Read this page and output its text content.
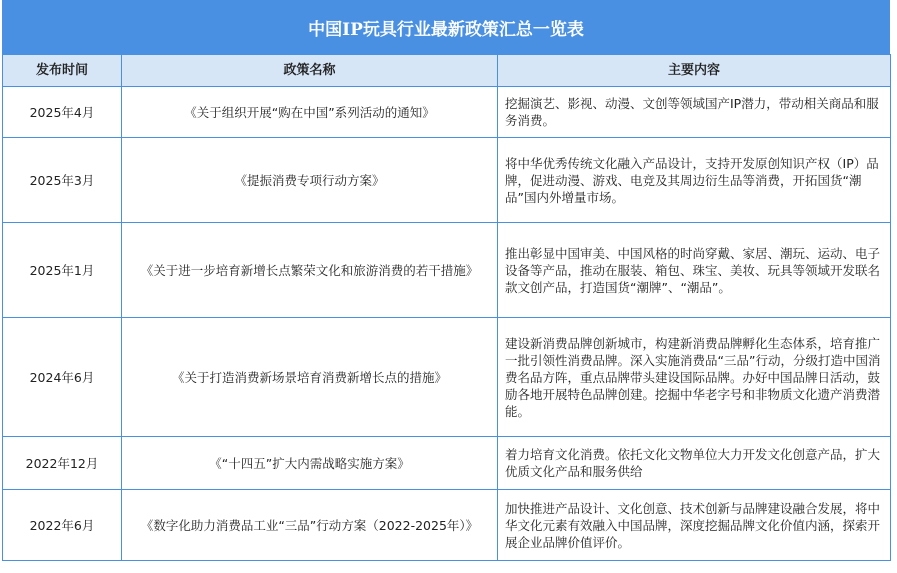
中国IP玩具行业最新政策汇总一览表
发布时间	政策名称	主要内容
2025年4月	《关于组织开展“购在中国”系列活动的通知》	挖掘演艺、影视、动漫、文创等领域国产IP潜力，带动相关商品和服务消费。
2025年3月	《提振消费专项行动方案》	将中华优秀传统文化融入产品设计，支持开发原创知识产权（IP）品牌，促进动漫、游戏、电竞及其周边衍生品等消费，开拓国货“潮品”国内外增量市场。
2025年1月	《关于进一步培育新增长点繁荣文化和旅游消费的若干措施》	推出彰显中国审美、中国风格的时尚穿戴、家居、潮玩、运动、电子设备等产品，推动在服装、箱包、珠宝、美妆、玩具等领域开发联名款文创产品，打造国货“潮牌”、“潮品”。
2024年6月	《关于打造消费新场景培育消费新增长点的措施》	建设新消费品牌创新城市，构建新消费品牌孵化生态体系，培育推广一批引领性消费品牌。深入实施消费品“三品”行动，分级打造中国消费名品方阵，重点品牌带头建设国际品牌。办好中国品牌日活动，鼓励各地开展特色品牌创建。挖掘中华老字号和非物质文化遗产消费潜能。
2022年12月	《“十四五”扩大内需战略实施方案》	着力培育文化消费。依托文化文物单位大力开发文化创意产品，扩大优质文化产品和服务供给
2022年6月	《数字化助力消费品工业“三品”行动方案（2022-2025年）》	加快推进产品设计、文化创意、技术创新与品牌建设融合发展，将中华文化元素有效融入中国品牌，深度挖掘品牌文化价值内涵，探索开展企业品牌价值评价。
